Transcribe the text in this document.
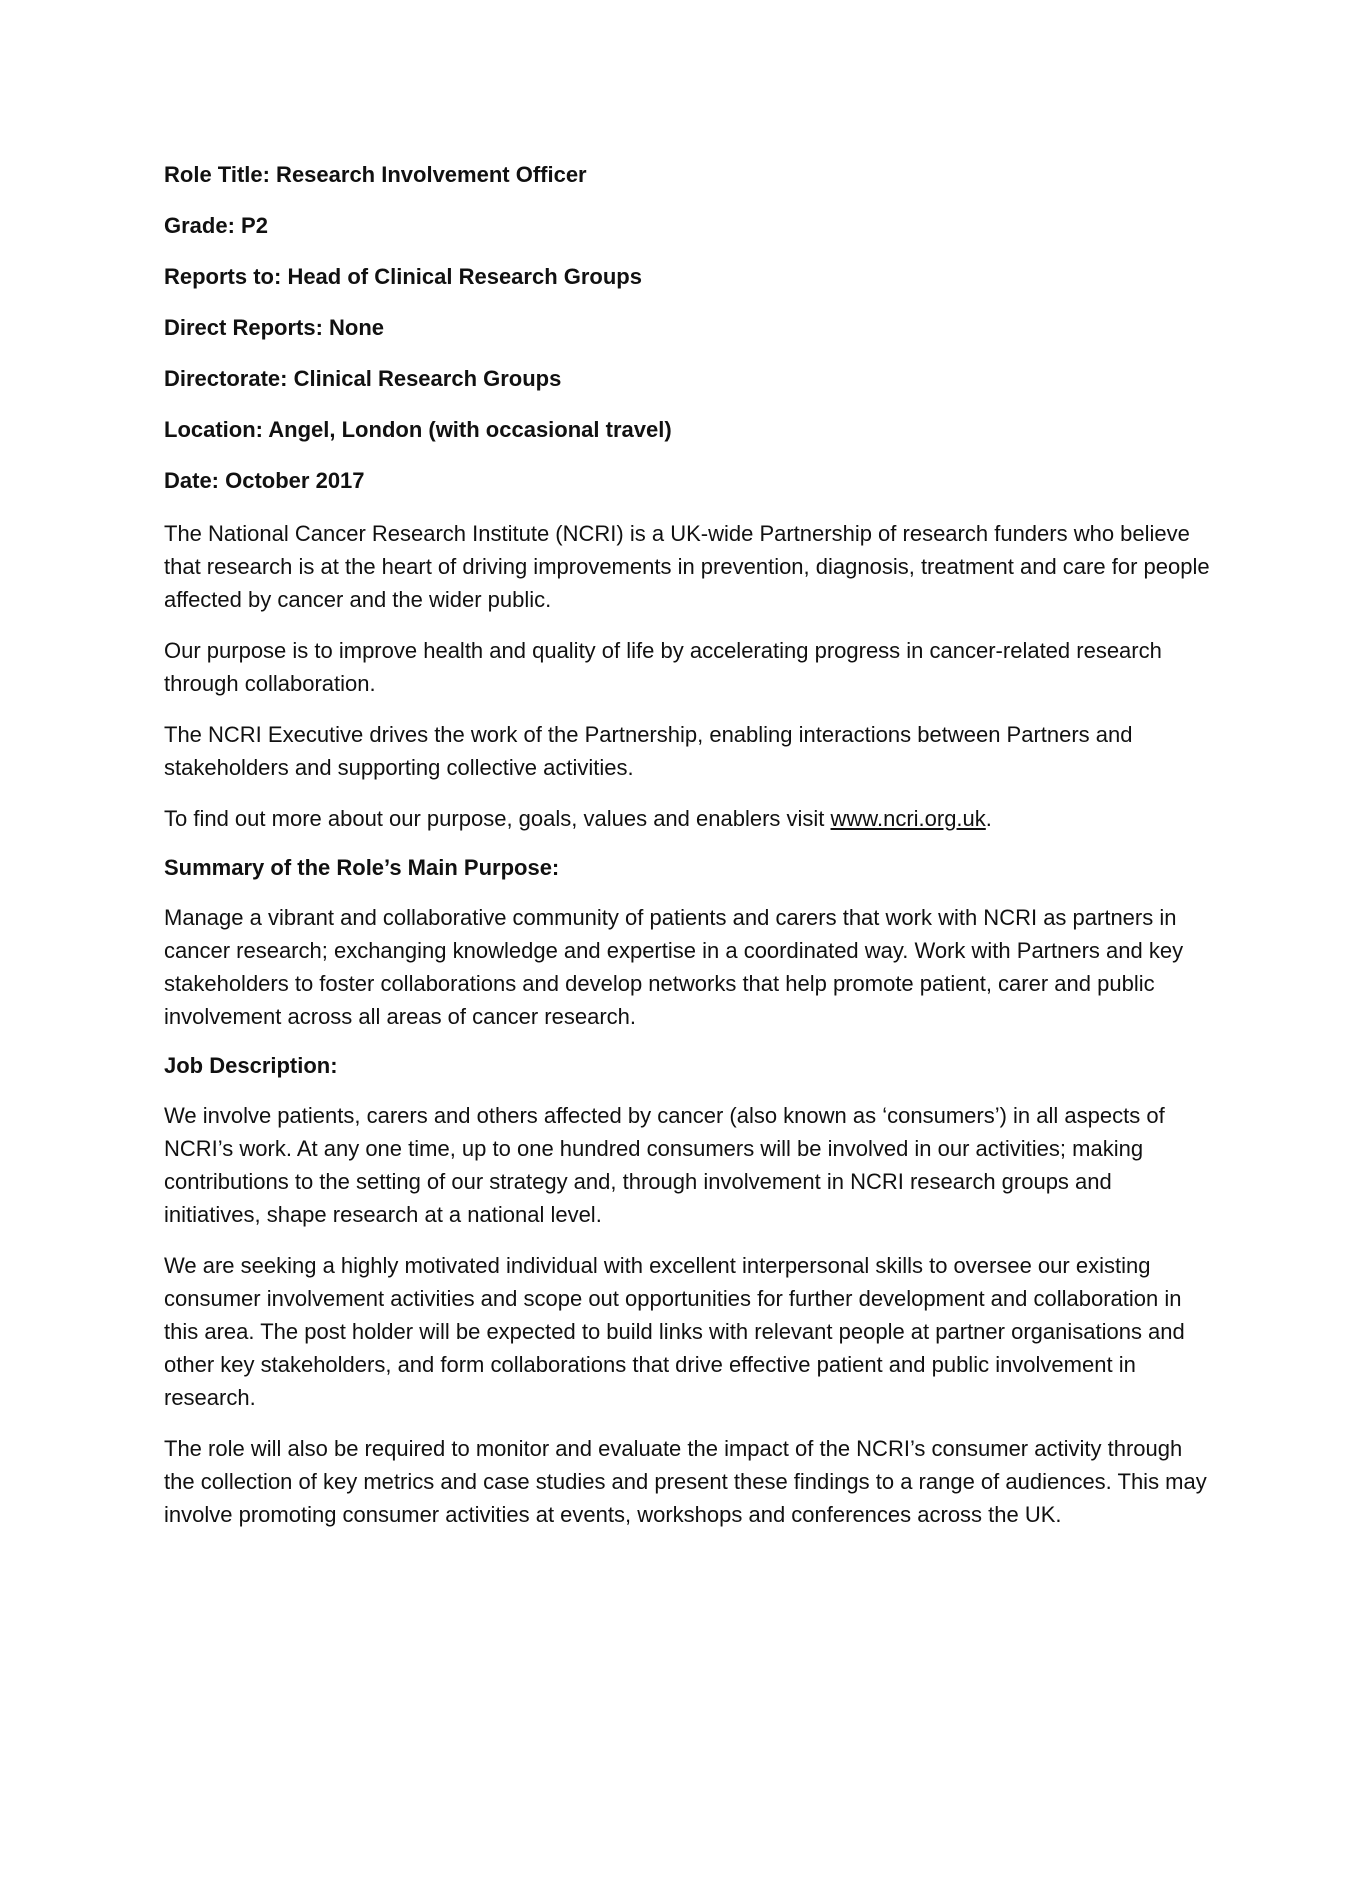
Role Title: Research Involvement Officer
Grade: P2
Reports to: Head of Clinical Research Groups
Direct Reports: None
Directorate: Clinical Research Groups
Location: Angel, London (with occasional travel)
Date: October 2017

The National Cancer Research Institute (NCRI) is a UK-wide Partnership of research funders who believe that research is at the heart of driving improvements in prevention, diagnosis, treatment and care for people affected by cancer and the wider public.

Our purpose is to improve health and quality of life by accelerating progress in cancer-related research through collaboration.

The NCRI Executive drives the work of the Partnership, enabling interactions between Partners and stakeholders and supporting collective activities.

To find out more about our purpose, goals, values and enablers visit www.ncri.org.uk.

Summary of the Role’s Main Purpose:

Manage a vibrant and collaborative community of patients and carers that work with NCRI as partners in cancer research; exchanging knowledge and expertise in a coordinated way. Work with Partners and key stakeholders to foster collaborations and develop networks that help promote patient, carer and public involvement across all areas of cancer research.

Job Description:

We involve patients, carers and others affected by cancer (also known as ‘consumers’) in all aspects of NCRI’s work. At any one time, up to one hundred consumers will be involved in our activities; making contributions to the setting of our strategy and, through involvement in NCRI research groups and initiatives, shape research at a national level.

We are seeking a highly motivated individual with excellent interpersonal skills to oversee our existing consumer involvement activities and scope out opportunities for further development and collaboration in this area. The post holder will be expected to build links with relevant people at partner organisations and other key stakeholders, and form collaborations that drive effective patient and public involvement in research.

The role will also be required to monitor and evaluate the impact of the NCRI’s consumer activity through the collection of key metrics and case studies and present these findings to a range of audiences. This may involve promoting consumer activities at events, workshops and conferences across the UK.
